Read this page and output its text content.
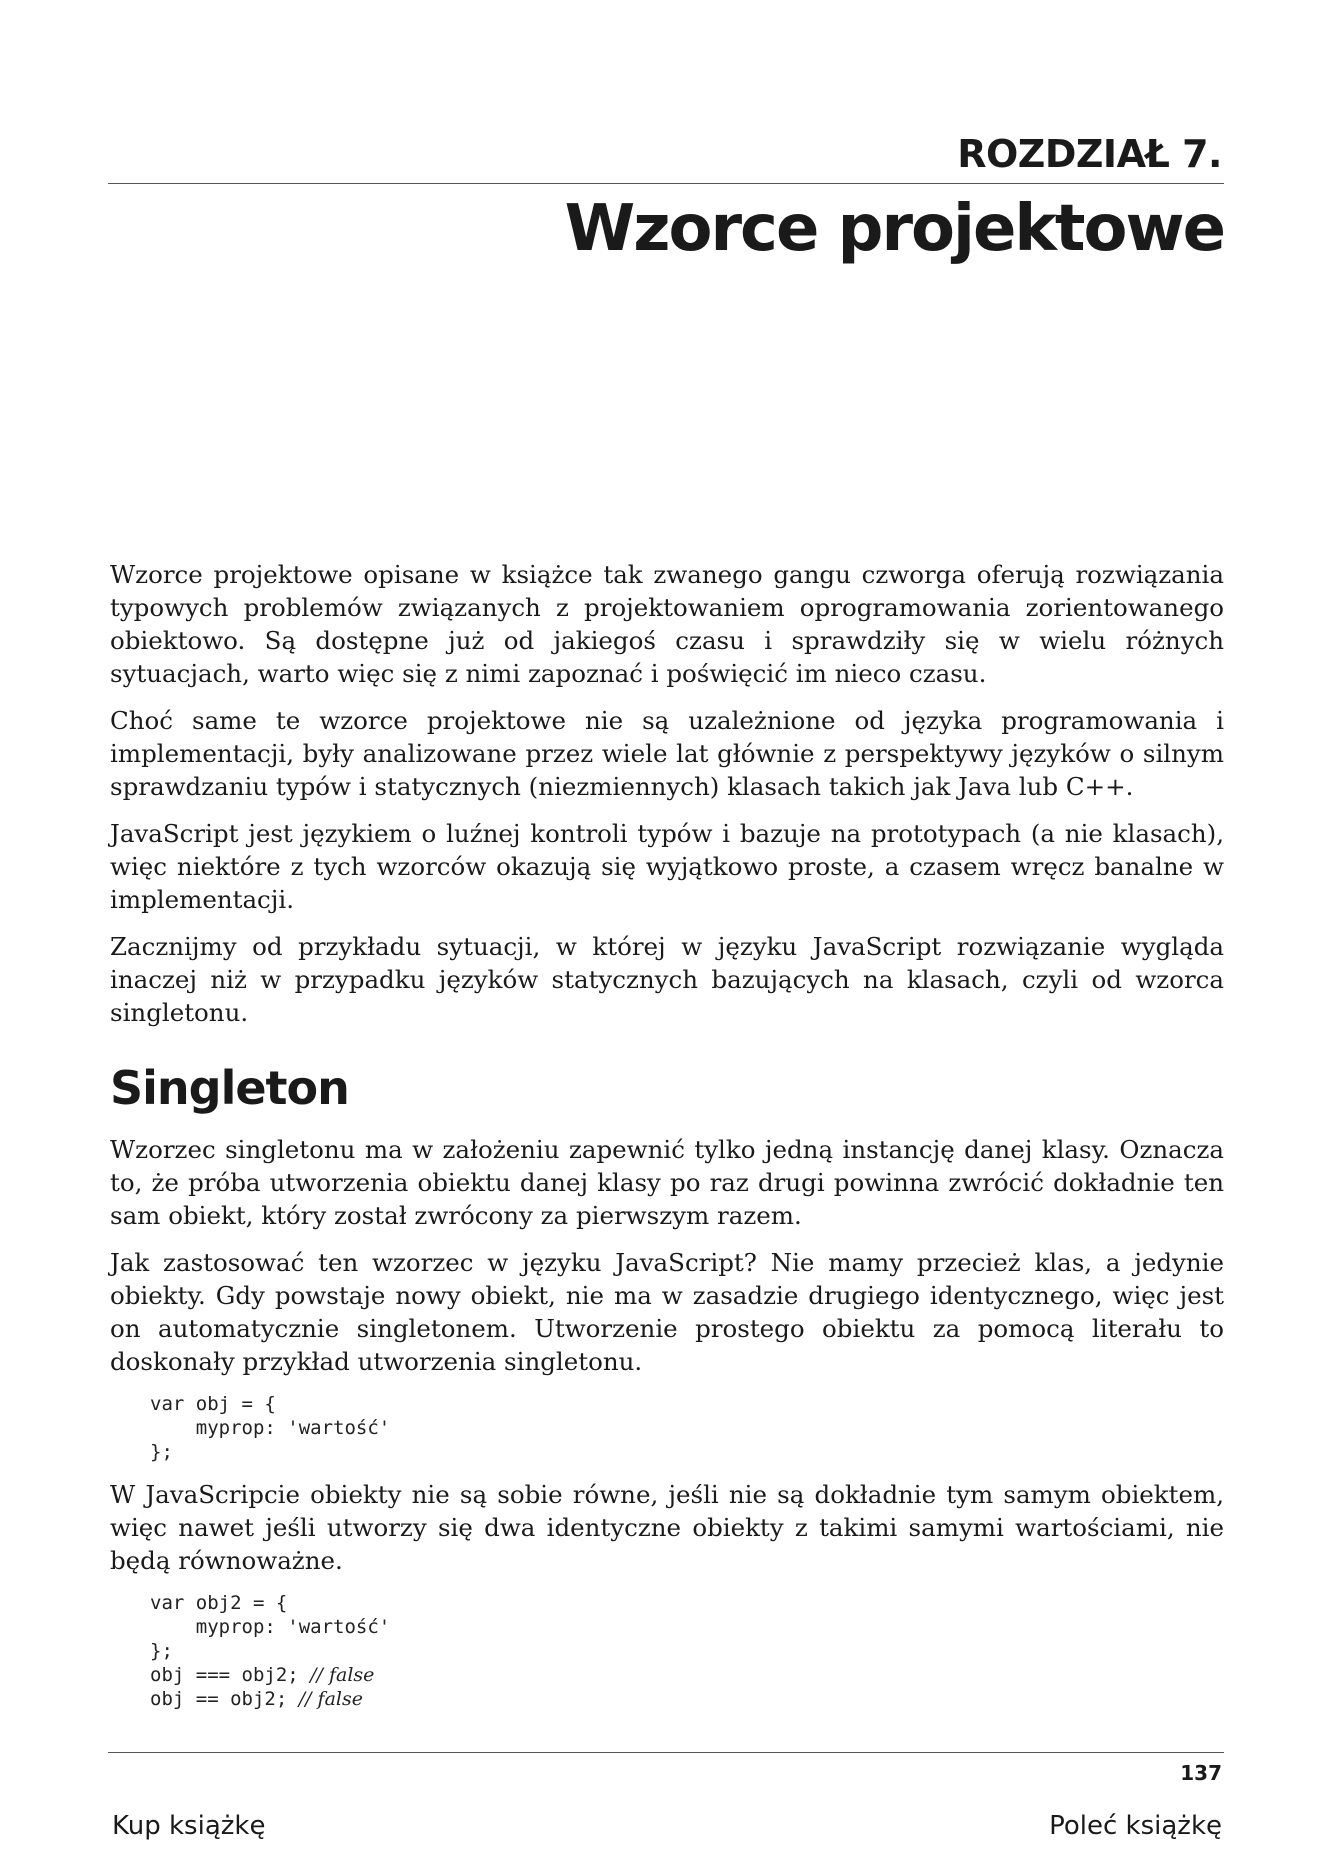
ROZDZIAŁ 7.
Wzorce projektowe

Wzorce projektowe opisane w książce tak zwanego gangu czworga oferują rozwiązania typowych problemów związanych z projektowaniem oprogramowania zorientowanego obiektowo. Są dostępne już od jakiegoś czasu i sprawdziły się w wielu różnych sytuacjach, warto więc się z nimi zapoznać i poświęcić im nieco czasu.

Choć same te wzorce projektowe nie są uzależnione od języka programowania i implementacji, były analizowane przez wiele lat głównie z perspektywy języków o silnym sprawdzaniu typów i statycznych (niezmiennych) klasach takich jak Java lub C++.

JavaScript jest językiem o luźnej kontroli typów i bazuje na prototypach (a nie klasach), więc niektóre z tych wzorców okazują się wyjątkowo proste, a czasem wręcz banalne w implementacji.

Zacznijmy od przykładu sytuacji, w której w języku JavaScript rozwiązanie wygląda inaczej niż w przypadku języków statycznych bazujących na klasach, czyli od wzorca singletonu.

Singleton

Wzorzec singletonu ma w założeniu zapewnić tylko jedną instancję danej klasy. Oznacza to, że próba utworzenia obiektu danej klasy po raz drugi powinna zwrócić dokładnie ten sam obiekt, który został zwrócony za pierwszym razem.

Jak zastosować ten wzorzec w języku JavaScript? Nie mamy przecież klas, a jedynie obiekty. Gdy powstaje nowy obiekt, nie ma w zasadzie drugiego identycznego, więc jest on automatycznie singletonem. Utworzenie prostego obiektu za pomocą literału to doskonały przykład utworzenia singletonu.

var obj = {
myprop: 'wartość'
};

W JavaScripcie obiekty nie są sobie równe, jeśli nie są dokładnie tym samym obiektem, więc nawet jeśli utworzy się dwa identyczne obiekty z takimi samymi wartościami, nie będą równoważne.

var obj2 = {
myprop: 'wartość'
};
obj === obj2; // false
obj == obj2; // false
137
Kup książkę	Poleć książkę
